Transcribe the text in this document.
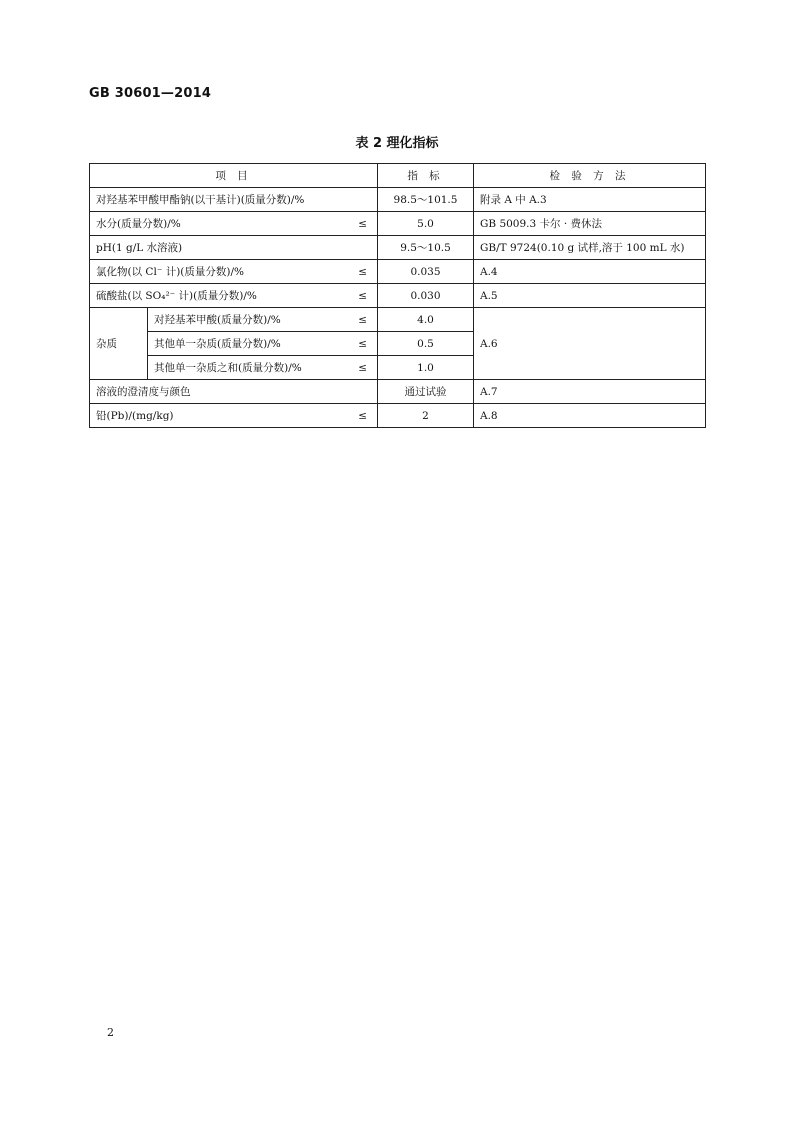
GB 30601—2014
表 2 理化指标
项 目		指 标	检 验 方 法

对羟基苯甲酸甲酯钠(以干基计)(质量分数)/%		98.5～101.5	附录 A 中 A.3

水分(质量分数)/% ≤		5.0	GB 5009.3 卡尔 · 费休法

pH(1 g/L 水溶液)		9.5～10.5	GB/T 9724(0.10 g 试样,溶于 100 mL 水)

氯化物(以 Cl⁻ 计)(质量分数)/% ≤		0.035	A.4

硫酸盐(以 SO₄²⁻ 计)(质量分数)/% ≤		0.030	A.5
杂质	对羟基苯甲酸(质量分数)/% ≤	4.0	A.6

	其他单一杂质(质量分数)/% ≤	0.5	

	其他单一杂质之和(质量分数)/% ≤	1.0	

溶液的澄清度与颜色		通过试验	A.7

铅(Pb)/(mg/kg) ≤		2	A.8
2
